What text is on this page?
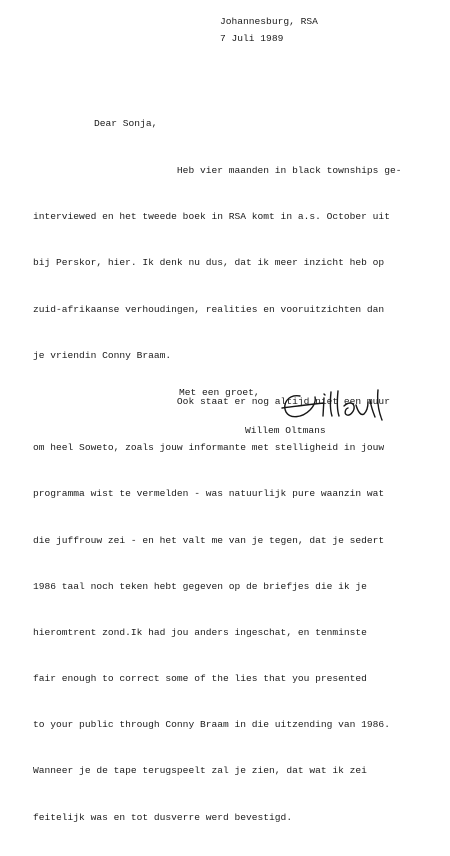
Johannesburg, RSA
7 Juli 1989
Dear Sonja,

Heb vier maanden in black townships ge-

interviewed en het tweede boek in RSA komt in a.s. October uit

bij Perskor, hier. Ik denk nu dus, dat ik meer inzicht heb op

zuid-afrikaanse verhoudingen, realities en vooruitzichten dan

je vriendin Conny Braam.

Ook staat er nog altijd niet een muur

om heel Soweto, zoals jouw informante met stelligheid in jouw

programma wist te vermelden - was natuurlijk pure waanzin wat

die juffrouw zei - en het valt me van je tegen, dat je sedert

1986 taal noch teken hebt gegeven op de briefjes die ik je

hieromtrent zond.Ik had jou anders ingeschat, en tenminste

fair enough to correct some of the lies that you presented

to your public through Conny Braam in die uitzending van 1986.

Wanneer je de tape terugspeelt zal je zien, dat wat ik zei

feitelijk was en tot dusverre werd bevestigd.

Met een groet,
Willem Oltmans
